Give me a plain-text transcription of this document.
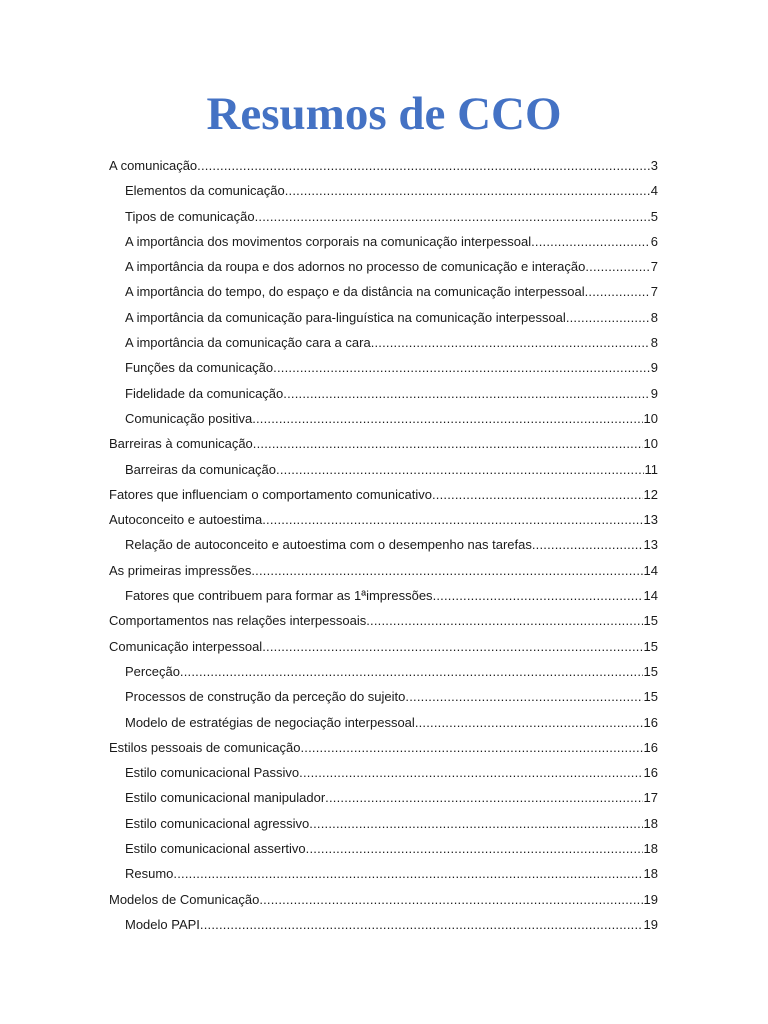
Resumos de CCO
A comunicação .....	3
Elementos da comunicação .....	4
Tipos de comunicação .....	5
A importância dos movimentos corporais na comunicação interpessoal .....	6
A importância da roupa e dos adornos no processo de comunicação e interação .....	7
A importância do tempo, do espaço e da distância na comunicação interpessoal .....	7
A importância da comunicação para-linguística na comunicação interpessoal .....	8
A importância da comunicação cara a cara .....	8
Funções da comunicação .....	9
Fidelidade da comunicação .....	9
Comunicação positiva .....	10
Barreiras à comunicação .....	10
Barreiras da comunicação .....	11
Fatores que influenciam o comportamento comunicativo .....	12
Autoconceito e autoestima .....	13
Relação de autoconceito e autoestima com o desempenho nas tarefas .....	13
As primeiras impressões .....	14
Fatores que contribuem para formar as 1ªimpressões .....	14
Comportamentos nas relações interpessoais .....	15
Comunicação interpessoal .....	15
Perceção .....	15
Processos de construção da perceção do sujeito .....	15
Modelo de estratégias de negociação interpessoal .....	16
Estilos pessoais de comunicação .....	16
Estilo comunicacional Passivo .....	16
Estilo comunicacional manipulador .....	17
Estilo comunicacional agressivo .....	18
Estilo comunicacional assertivo .....	18
Resumo .....	18
Modelos de Comunicação .....	19
Modelo PAPI .....	19
